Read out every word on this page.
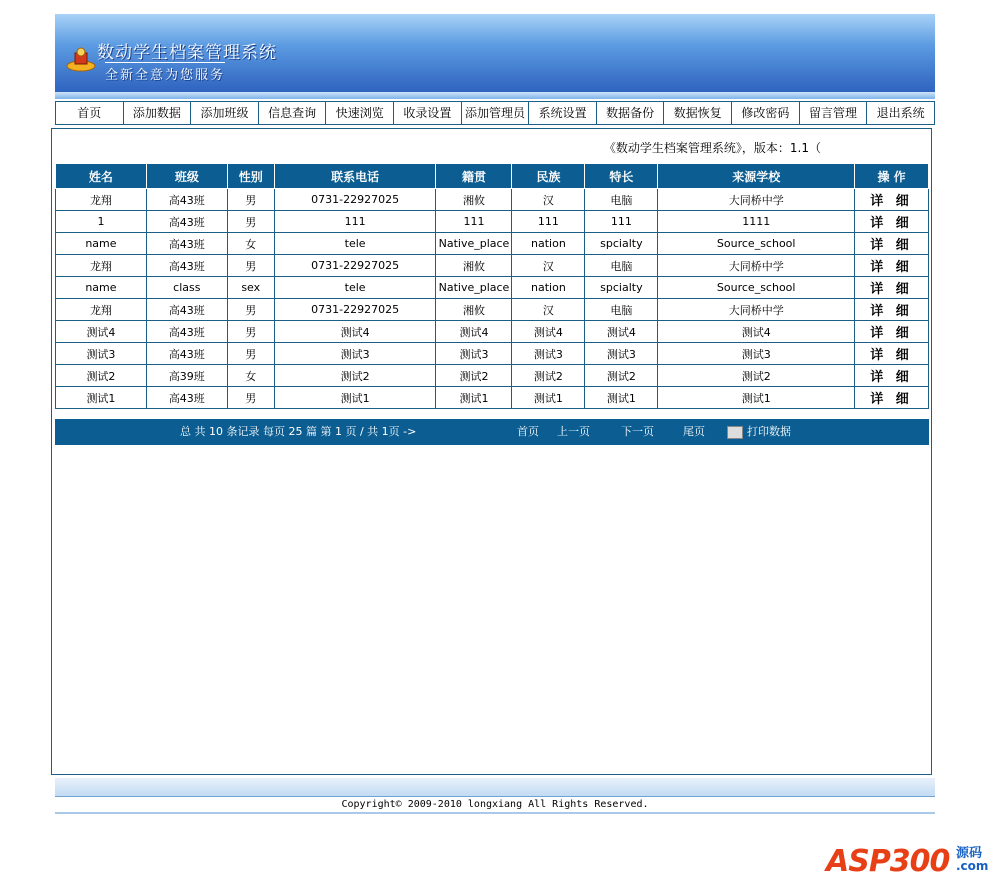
数动学生档案管理系统
全新全意为您服务
首页	添加数据	添加班级	信息查询	快速浏览	收录设置	添加管理员	系统设置	数据备份	数据恢复	修改密码	留言管理	退出系统
《数动学生档案管理系统》，版本：1.1（
姓名	班级	性别	联系电话	籍贯	民族	特长	来源学校	操 作
龙翔	高43班	男	0731-22927025	湘攸	汉	电脑	大同桥中学	详 细
1	高43班	男	111	111	111	111	1111	详 细
name	高43班	女	tele	Native_place	nation	spcialty	Source_school	详 细
龙翔	高43班	男	0731-22927025	湘攸	汉	电脑	大同桥中学	详 细
name	class	sex	tele	Native_place	nation	spcialty	Source_school	详 细
龙翔	高43班	男	0731-22927025	湘攸	汉	电脑	大同桥中学	详 细
测试4	高43班	男	测试4	测试4	测试4	测试4	测试4	详 细
测试3	高43班	男	测试3	测试3	测试3	测试3	测试3	详 细
测试2	高39班	女	测试2	测试2	测试2	测试2	测试2	详 细
测试1	高43班	男	测试1	测试1	测试1	测试1	测试1	详 细
总 共 10 条记录 每页 25 篇 第 1 页 / 共 1页 ->	首页 上一页	下一页	尾页	打印数据
Copyright© 2009-2010 longxiang All Rights Reserved.
ASP300 源码
.com
